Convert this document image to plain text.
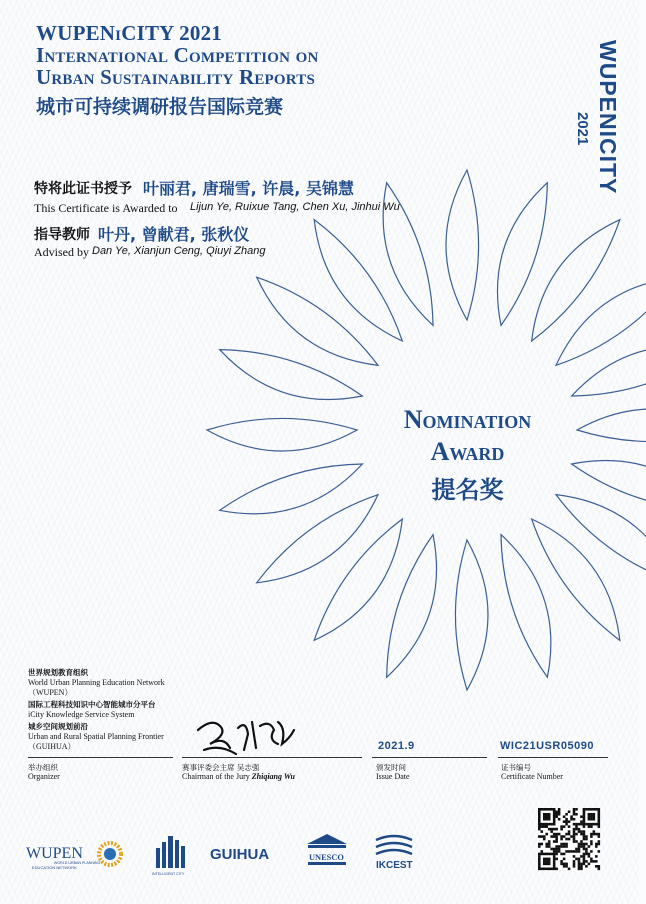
WUPENiCITY 2021
International Competition on
Urban Sustainability Reports
城市可持续调研报告国际竞赛	WUPENICITY
2021
特将此证书授予 叶丽君, 唐瑞雪, 许晨, 吴锦慧
This Certificate is Awarded to Lijun Ye, Ruixue Tang, Chen Xu, Jinhui Wu
指导教师 叶丹, 曾献君, 张秋仪
Advised by Dan Ye, Xianjun Ceng, Qiuyi Zhang
Nomination
Award
提名奖
世界规划教育组织
World Urban Planning Education Network
（WUPEN）
国际工程科技知识中心智能城市分平台
iCity Knowledge Service System
城乡空间规划前沿
Urban and Rural Spatial Planning Frontier
（GUIHUA）	2021.9	WIC21USR05090
举办组织
Organizer
赛事评委会主席 吴志强
Chairman of the Jury Zhiqiang Wu
颁发时间
Issue Date
证书编号
Certificate Number
WUPEN
WORLD URBAN PLANNING
EDUCATION NETWORK
INTELLIGENT CITY
GUIHUA	UNESCO
IKCEST
